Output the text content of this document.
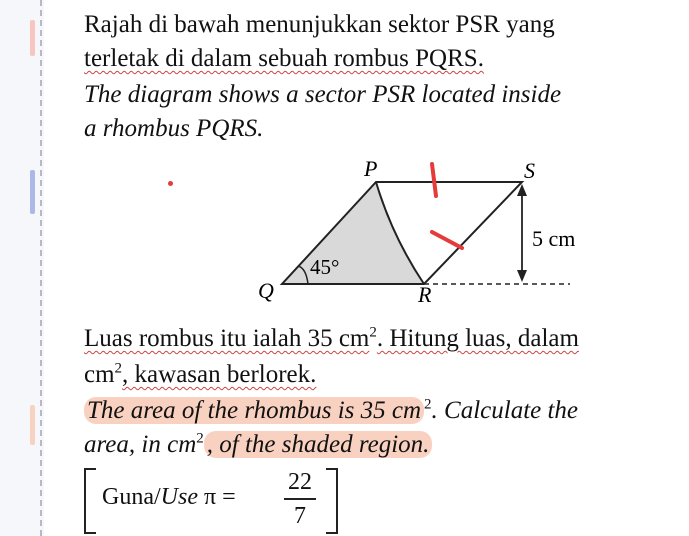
Rajah di bawah menunjukkan sektor PSR yang
terletak di dalam sebuah rombus PQRS.
The diagram shows a sector PSR located inside
a rhombus PQRS.
P	S
Q	R
45°
5 cm
Luas rombus itu ialah 35 $cm^2$. Hitung luas, dalam
$cm^2$, kawasan berlorek.
The area of the rhombus is 35 cm $^2$. Calculate the
area, in $cm^2$ , of the shaded region.
Guna/Use π =
22
7
